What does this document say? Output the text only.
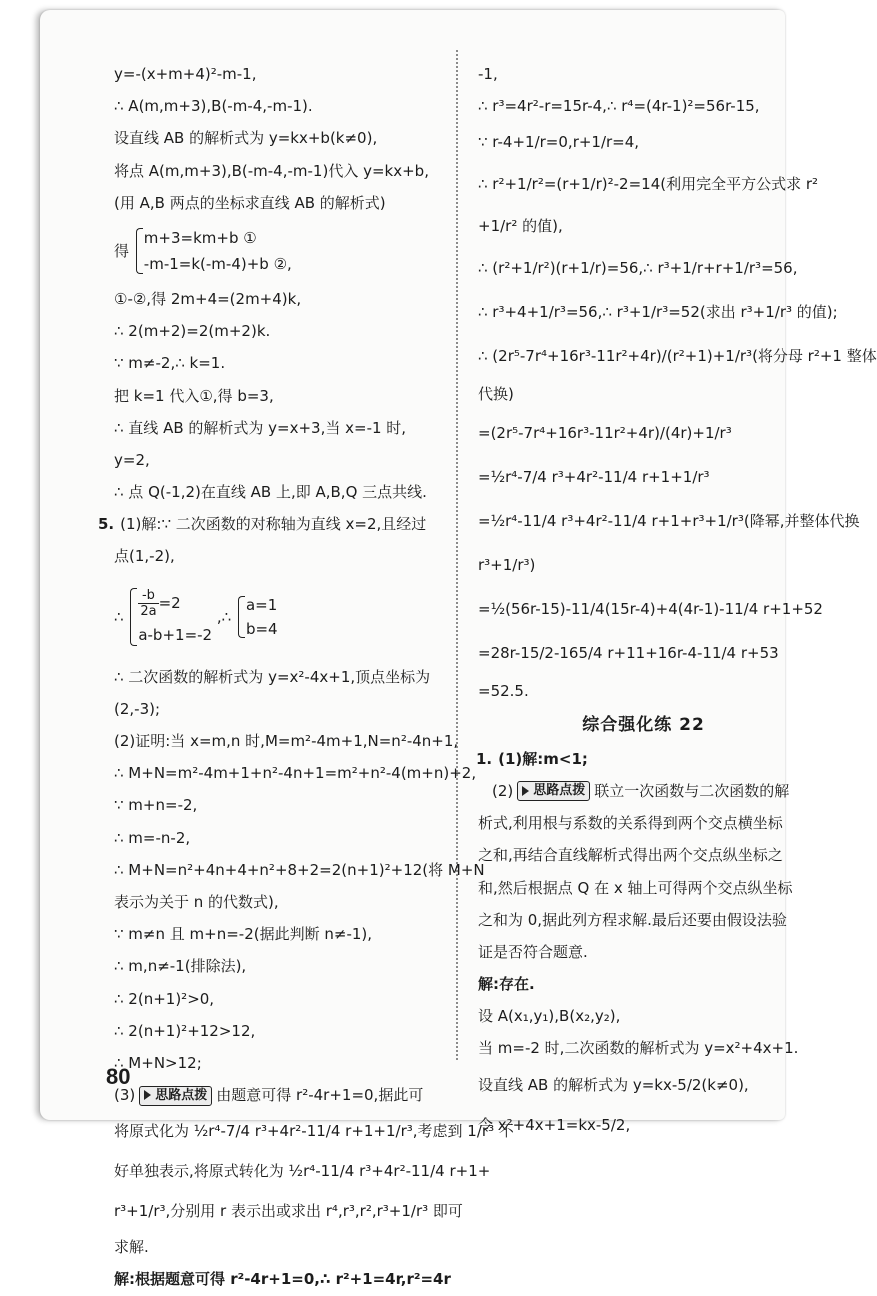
y=-(x+m+4)²-m-1,
∴ A(m,m+3),B(-m-4,-m-1).
设直线 AB 的解析式为 y=kx+b(k≠0),
将点 A(m,m+3),B(-m-4,-m-1)代入 y=kx+b,
(用 A,B 两点的坐标求直线 AB 的解析式)
得
m+3=km+b ①
-m-1=k(-m-4)+b ②,
①-②,得 2m+4=(2m+4)k,
∴ 2(m+2)=2(m+2)k.
∵ m≠-2,∴ k=1.
把 k=1 代入①,得 b=3,
∴ 直线 AB 的解析式为 y=x+3,当 x=-1 时,
y=2,
∴ 点 Q(-1,2)在直线 AB 上,即 A,B,Q 三点共线.
5. (1)解:∵ 二次函数的对称轴为直线 x=2,且经过
点(1,-2),
∴ $\frac{-b}{2a} =2$
a-b+1=-2
,∴
a=1
b=4
∴ 二次函数的解析式为 y=x²-4x+1,顶点坐标为
(2,-3);
(2)证明:当 x=m,n 时,M=m²-4m+1,N=n²-4n+1,
∴ M+N=m²-4m+1+n²-4n+1=m²+n²-4(m+n)+2,
∵ m+n=-2,
∴ m=-n-2,
∴ M+N=n²+4n+4+n²+8+2=2(n+1)²+12(将 M+N
表示为关于 n 的代数式),
∵ m≠n 且 m+n=-2(据此判断 n≠-1),
∴ m,n≠-1(排除法),
∴ 2(n+1)²>0,
∴ 2(n+1)²+12>12,
∴ M+N>12;
(3) 思路点拨 由题意可得 r²-4r+1=0,据此可
将原式化为 ½r⁴-7/4 r³+4r²-11/4 r+1+1/r³,考虑到 1/r³ 不
好单独表示,将原式转化为 ½r⁴-11/4 r³+4r²-11/4 r+1+
r³+1/r³,分别用 r 表示出或求出 r⁴,r³,r²,r³+1/r³ 即可
求解.
解:根据题意可得 r²-4r+1=0,∴ r²+1=4r,r²=4r
-1,
∴ r³=4r²-r=15r-4,∴ r⁴=(4r-1)²=56r-15,
∵ r-4+1/r=0,r+1/r=4,
∴ r²+1/r²=(r+1/r)²-2=14(利用完全平方公式求 r²
+1/r² 的值),
∴ (r²+1/r²)(r+1/r)=56,∴ r³+1/r+r+1/r³=56,
∴ r³+4+1/r³=56,∴ r³+1/r³=52(求出 r³+1/r³ 的值);
∴ (2r⁵-7r⁴+16r³-11r²+4r)/(r²+1)+1/r³(将分母 r²+1 整体
代换)
=(2r⁵-7r⁴+16r³-11r²+4r)/(4r)+1/r³
=½r⁴-7/4 r³+4r²-11/4 r+1+1/r³
=½r⁴-11/4 r³+4r²-11/4 r+1+r³+1/r³(降幂,并整体代换
r³+1/r³)
=½(56r-15)-11/4(15r-4)+4(4r-1)-11/4 r+1+52
=28r-15/2-165/4 r+11+16r-4-11/4 r+53
=52.5.
综合强化练 22
1. (1)解:m<1;
(2) 思路点拨 联立一次函数与二次函数的解
析式,利用根与系数的关系得到两个交点横坐标
之和,再结合直线解析式得出两个交点纵坐标之
和,然后根据点 Q 在 x 轴上可得两个交点纵坐标
之和为 0,据此列方程求解.最后还要由假设法验
证是否符合题意.
解:存在.
设 A(x₁,y₁),B(x₂,y₂),
当 m=-2 时,二次函数的解析式为 y=x²+4x+1.
设直线 AB 的解析式为 y=kx-5/2(k≠0),
令 x²+4x+1=kx-5/2,
80
